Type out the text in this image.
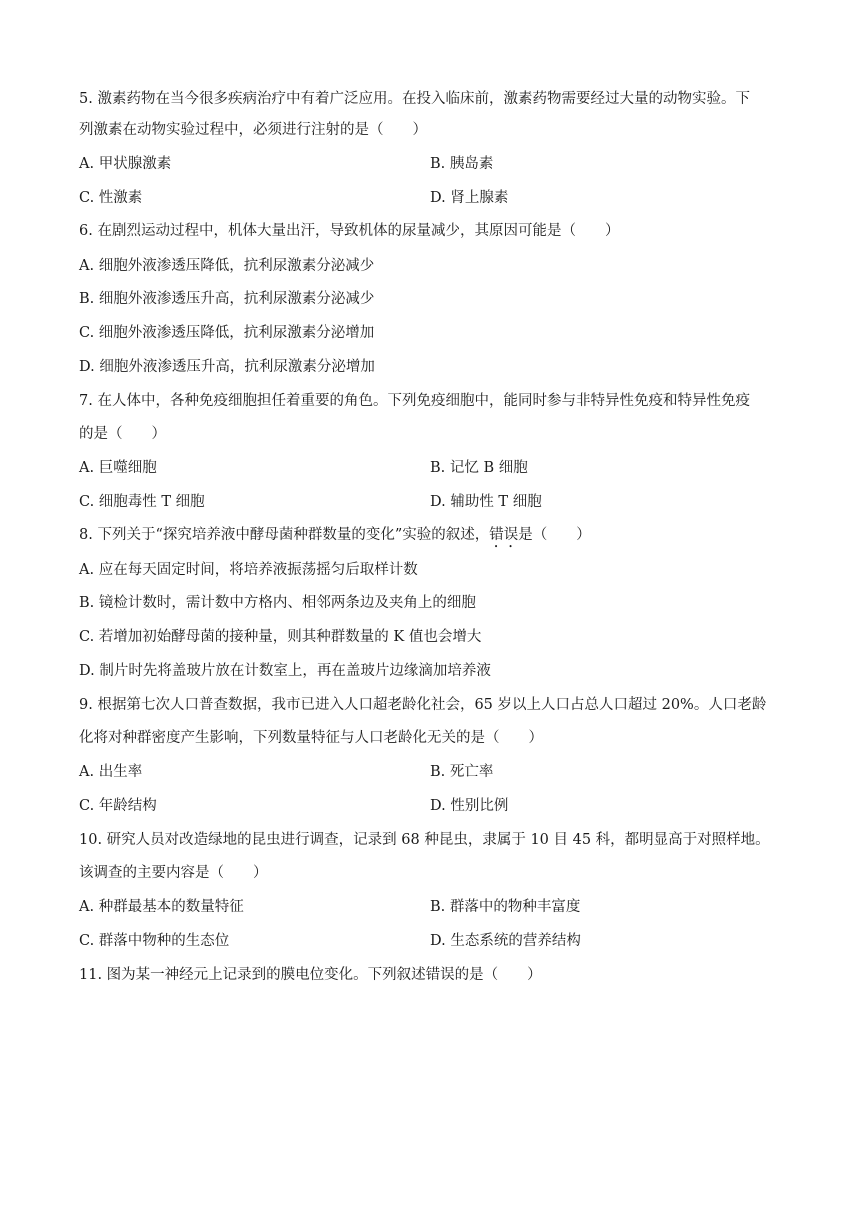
5. 激素药物在当今很多疾病治疗中有着广泛应用。在投入临床前，激素药物需要经过大量的动物实验。下
列激素在动物实验过程中，必须进行注射的是（　　）
A. 甲状腺激素	B. 胰岛素
C. 性激素	D. 肾上腺素
6. 在剧烈运动过程中，机体大量出汗，导致机体的尿量减少，其原因可能是（　　）
A. 细胞外液渗透压降低，抗利尿激素分泌减少
B. 细胞外液渗透压升高，抗利尿激素分泌减少
C. 细胞外液渗透压降低，抗利尿激素分泌增加
D. 细胞外液渗透压升高，抗利尿激素分泌增加
7. 在人体中，各种免疫细胞担任着重要的角色。下列免疫细胞中，能同时参与非特异性免疫和特异性免疫
的是（　　）
A. 巨噬细胞	B. 记忆 B 细胞
C. 细胞毒性 T 细胞	D. 辅助性 T 细胞
8. 下列关于“探究培养液中酵母菌种群数量的变化”实验的叙述，错误是（　　）
A. 应在每天固定时间，将培养液振荡摇匀后取样计数
B. 镜检计数时，需计数中方格内、相邻两条边及夹角上的细胞
C. 若增加初始酵母菌的接种量，则其种群数量的 K 值也会增大
D. 制片时先将盖玻片放在计数室上，再在盖玻片边缘滴加培养液
9. 根据第七次人口普查数据，我市已进入人口超老龄化社会，65 岁以上人口占总人口超过 20%。人口老龄
化将对种群密度产生影响，下列数量特征与人口老龄化无关的是（　　）
A. 出生率	B. 死亡率
C. 年龄结构	D. 性别比例
10. 研究人员对改造绿地的昆虫进行调查，记录到 68 种昆虫，隶属于 10 目 45 科，都明显高于对照样地。
该调查的主要内容是（　　）
A. 种群最基本的数量特征	B. 群落中的物种丰富度
C. 群落中物种的生态位	D. 生态系统的营养结构
11. 图为某一神经元上记录到的膜电位变化。下列叙述错误的是（　　）
